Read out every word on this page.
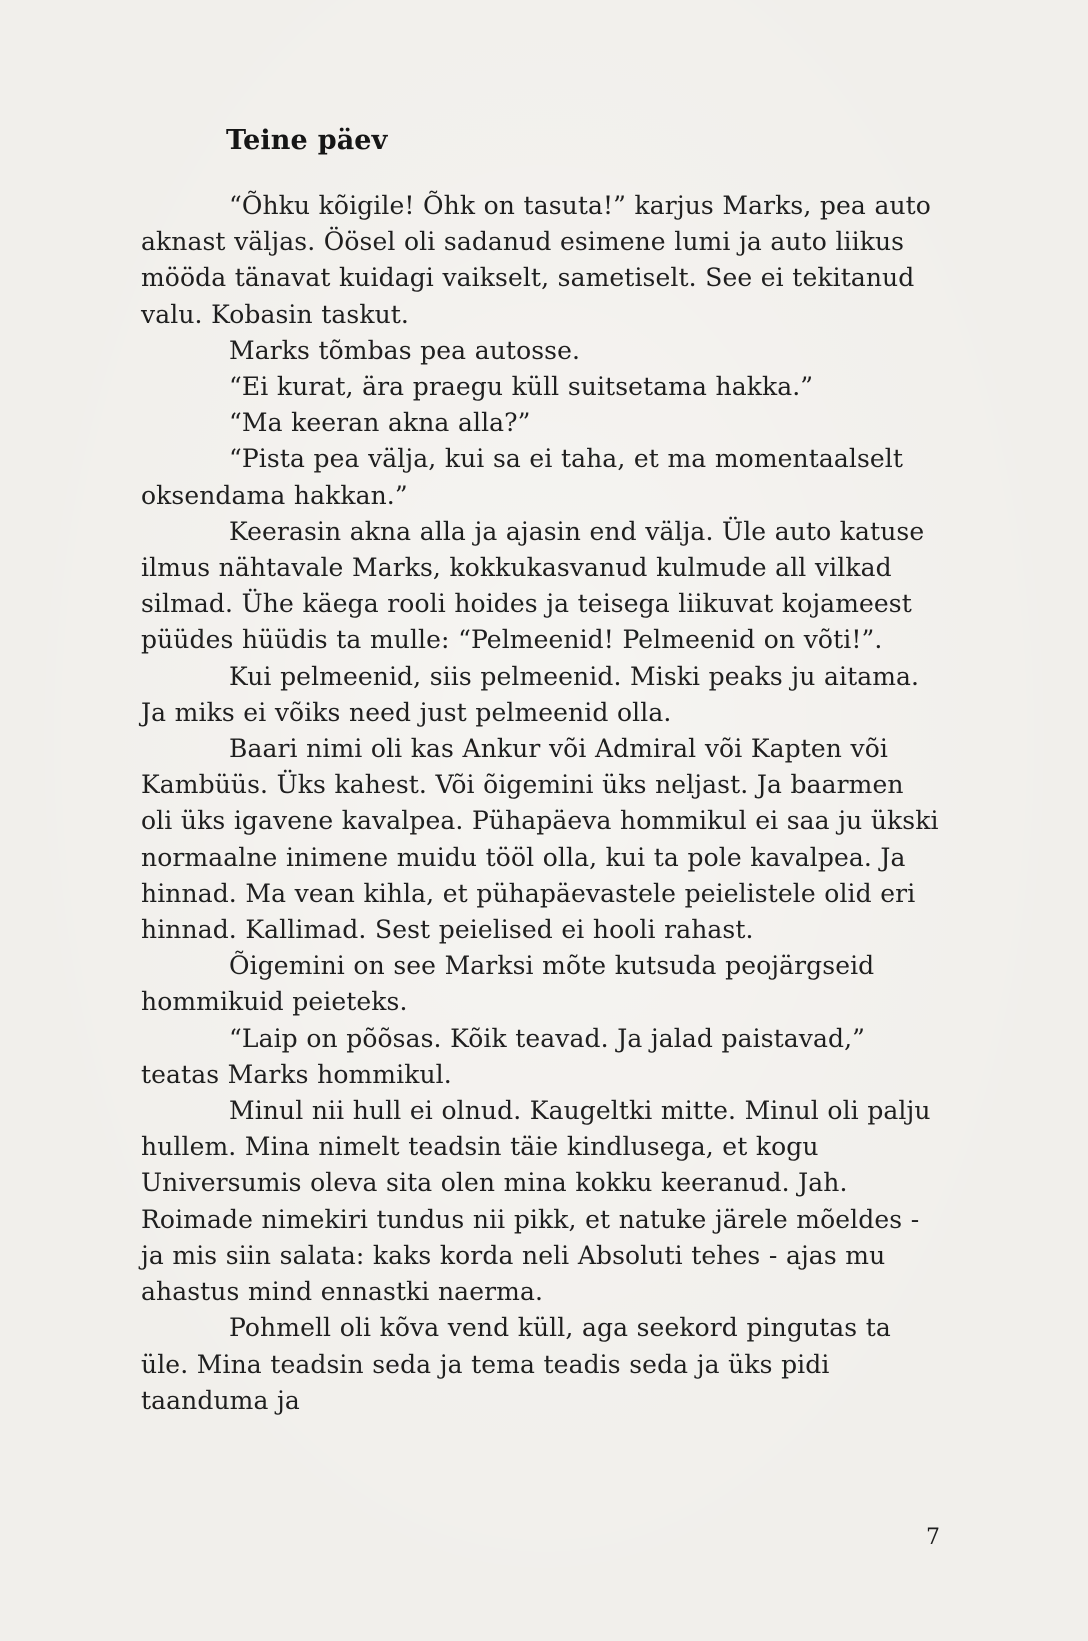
Teine päev

“Õhku kõigile! Õhk on tasuta!” karjus Marks, pea auto aknast väljas. Öösel oli sadanud esimene lumi ja auto liikus mööda tänavat kuidagi vaikselt, sametiselt. See ei tekitanud valu. Kobasin taskut.

Marks tõmbas pea autosse.

“Ei kurat, ära praegu küll suitsetama hakka.”

“Ma keeran akna alla?”

“Pista pea välja, kui sa ei taha, et ma momentaalselt oksendama hakkan.”

Keerasin akna alla ja ajasin end välja. Üle auto katuse ilmus nähtavale Marks, kokkukasvanud kulmude all vilkad silmad. Ühe käega rooli hoides ja teisega liikuvat kojameest püüdes hüüdis ta mulle: “Pelmeenid! Pelmeenid on võti!”.

Kui pelmeenid, siis pelmeenid. Miski peaks ju aitama. Ja miks ei võiks need just pelmeenid olla.

Baari nimi oli kas Ankur või Admiral või Kapten või Kambüüs. Üks kahest. Või õigemini üks neljast. Ja baarmen oli üks igavene kavalpea. Pühapäeva hommikul ei saa ju ükski normaalne inimene muidu tööl olla, kui ta pole kavalpea. Ja hinnad. Ma vean kihla, et pühapäevastele peielistele olid eri hinnad. Kallimad. Sest peielised ei hooli rahast.

Õigemini on see Marksi mõte kutsuda peojärgseid hommikuid peieteks.

“Laip on põõsas. Kõik teavad. Ja jalad paistavad,” teatas Marks hommikul.

Minul nii hull ei olnud. Kaugeltki mitte. Minul oli palju hullem. Mina nimelt teadsin täie kindlusega, et kogu Universumis oleva sita olen mina kokku keeranud. Jah. Roimade nimekiri tundus nii pikk, et natuke järele mõeldes - ja mis siin salata: kaks korda neli Absoluti tehes - ajas mu ahastus mind ennastki naerma.

Pohmell oli kõva vend küll, aga seekord pingutas ta üle. Mina teadsin seda ja tema teadis seda ja üks pidi taanduma ja

7
